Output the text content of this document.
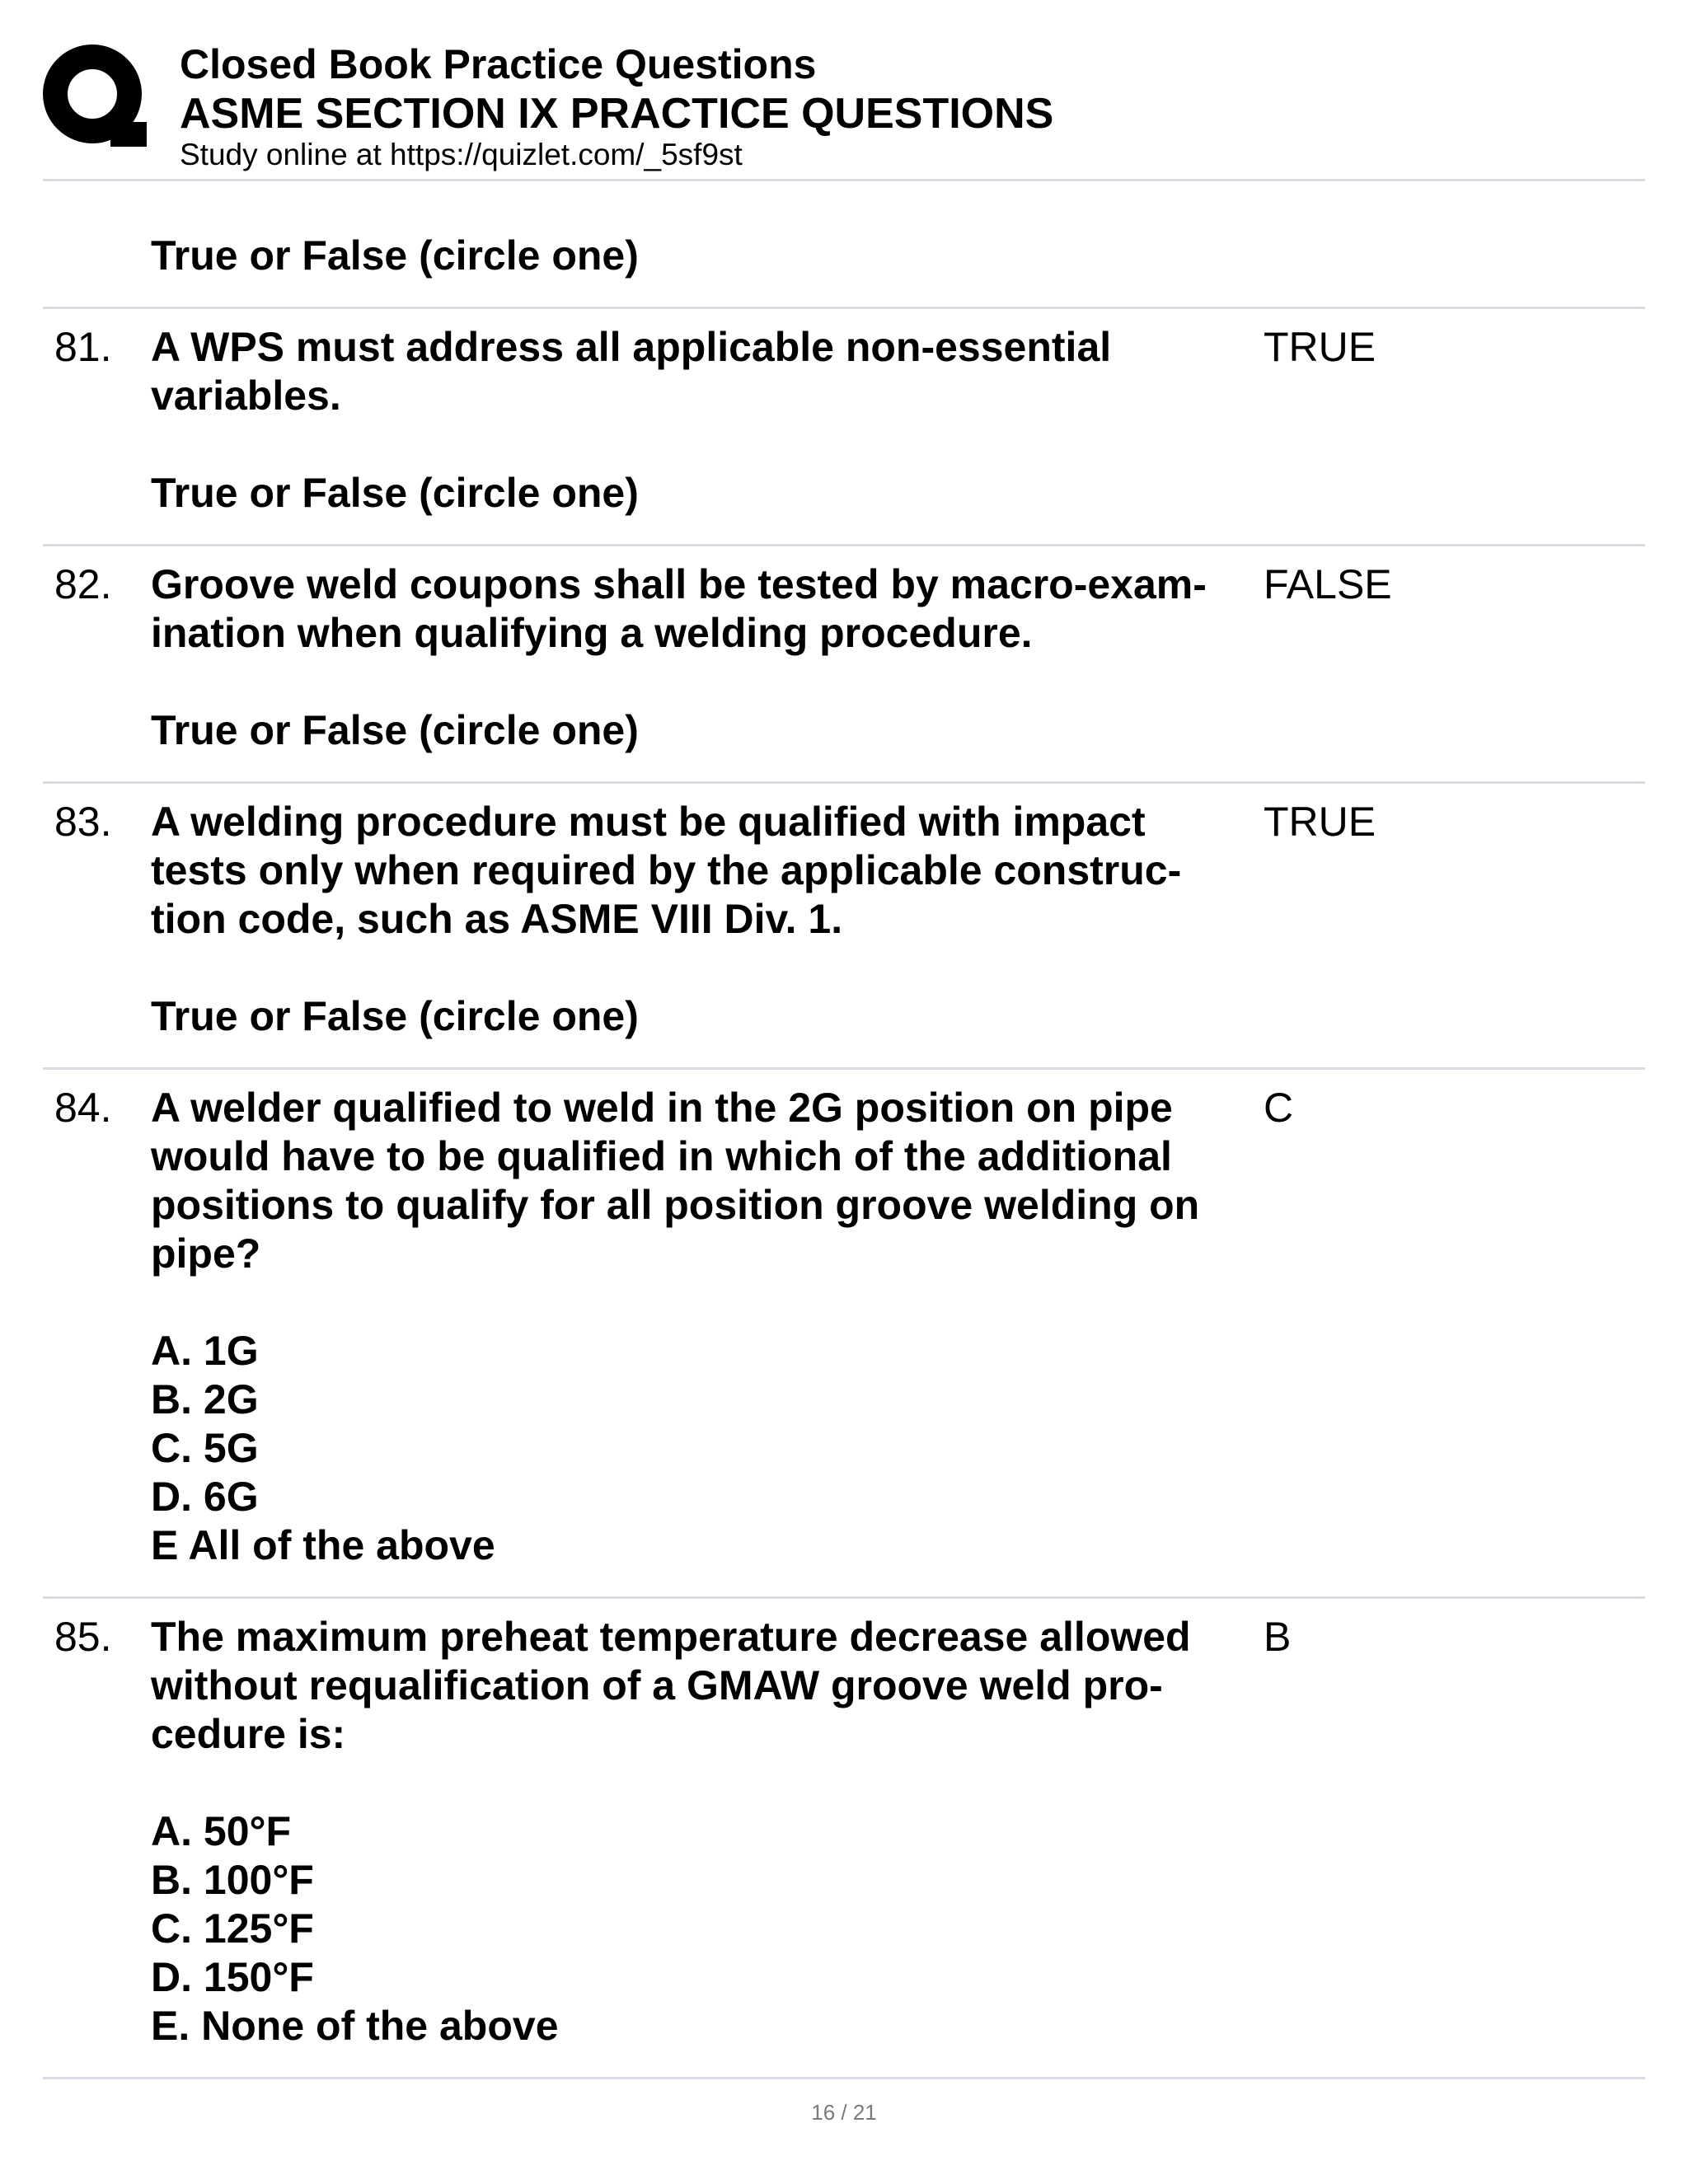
Closed Book Practice Questions
ASME SECTION IX PRACTICE QUESTIONS
Study online at https://quizlet.com/_5sf9st
True or False (circle one)
81. A WPS must address all applicable non-essential
variables.
True or False (circle one)
TRUE
82. Groove weld coupons shall be tested by macro-exam-
ination when qualifying a welding procedure.
True or False (circle one)
FALSE
83. A welding procedure must be qualified with impact
tests only when required by the applicable construc-
tion code, such as ASME VIII Div. 1.
True or False (circle one)
TRUE
84. A welder qualified to weld in the 2G position on pipe
would have to be qualified in which of the additional
positions to qualify for all position groove welding on
pipe?
A. 1G
B. 2G
C. 5G
D. 6G
E All of the above
C
85. The maximum preheat temperature decrease allowed
without requalification of a GMAW groove weld pro-
cedure is:
A. 50°F
B. 100°F
C. 125°F
D. 150°F
E. None of the above
B
16 / 21
